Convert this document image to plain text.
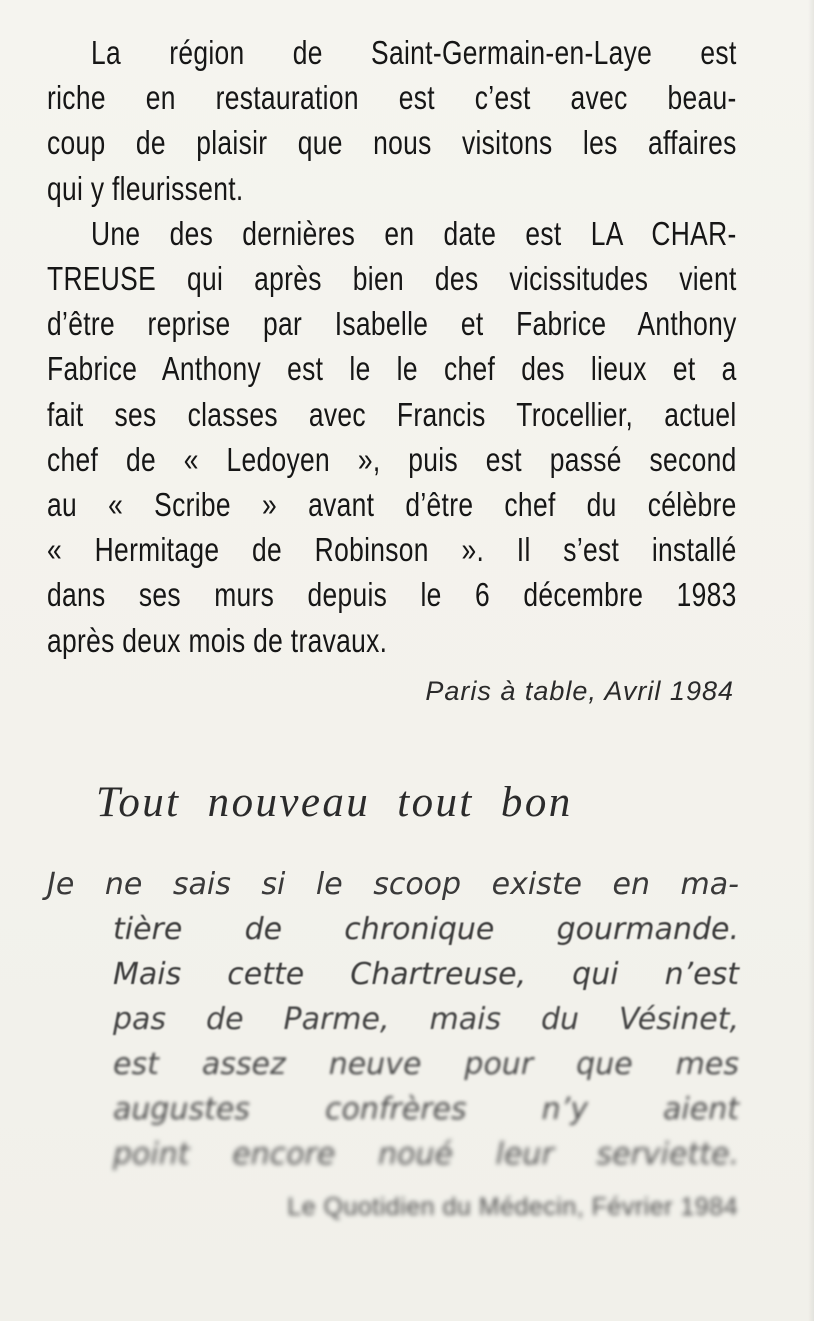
La région de Saint-Germain-en-Laye est
riche en restauration est c’est avec beau-
coup de plaisir que nous visitons les affaires
qui y fleurissent.

Une des dernières en date est LA CHAR-
TREUSE qui après bien des vicissitudes vient
d’être reprise par Isabelle et Fabrice Anthony
Fabrice Anthony est le le chef des lieux et a
fait ses classes avec Francis Trocellier, actuel
chef de « Ledoyen », puis est passé second
au « Scribe » avant d’être chef du célèbre
« Hermitage de Robinson ». Il s’est installé
dans ses murs depuis le 6 décembre 1983
après deux mois de travaux.

Paris à table, Avril 1984
Tout nouveau tout bon
Je ne sais si le scoop existe en ma-
tière de chronique gourmande.
Mais cette Chartreuse, qui n’est
pas de Parme, mais du Vésinet,
est assez neuve pour que mes
augustes confrères n’y aient
point encore noué leur serviette.
Le Quotidien du Médecin, Février 1984
